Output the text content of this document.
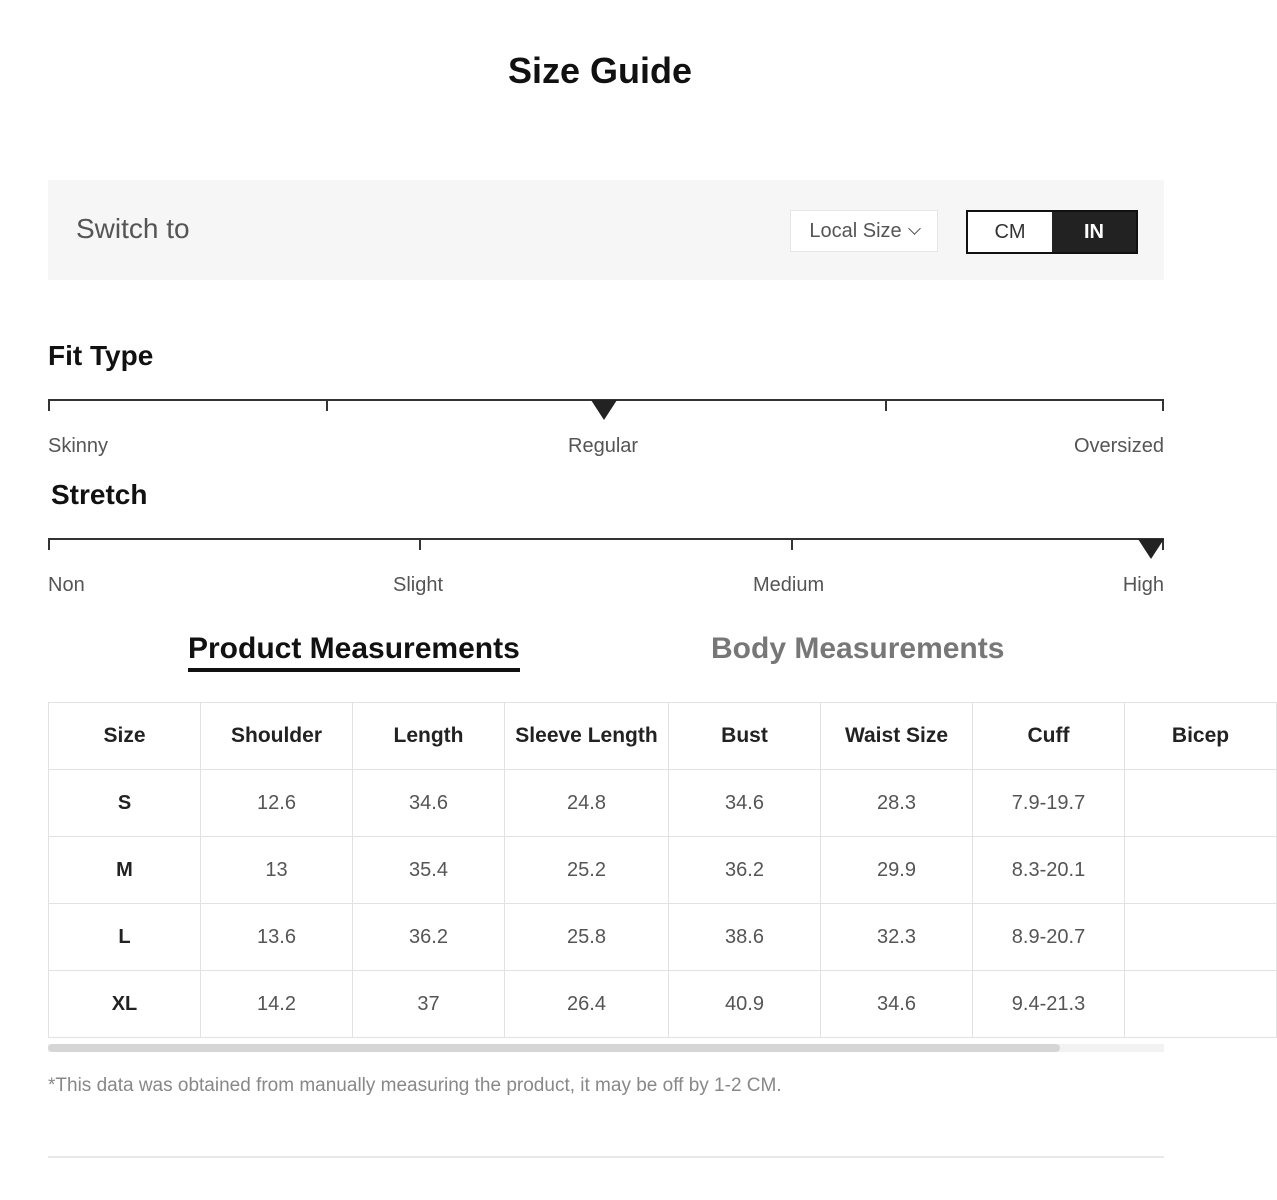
Size Guide
Switch to	Local Size	CM	IN
Fit Type
Skinny	Regular	Oversized
Stretch
Non	Slight	Medium	High
Product Measurements	Body Measurements
Size	Shoulder	Length	Sleeve Length	Bust	Waist Size	Cuff	Bicep
S	12.6	34.6	24.8	34.6	28.3	7.9-19.7	
M	13	35.4	25.2	36.2	29.9	8.3-20.1	
L	13.6	36.2	25.8	38.6	32.3	8.9-20.7	
XL	14.2	37	26.4	40.9	34.6	9.4-21.3	
*This data was obtained from manually measuring the product, it may be off by 1-2 CM.
